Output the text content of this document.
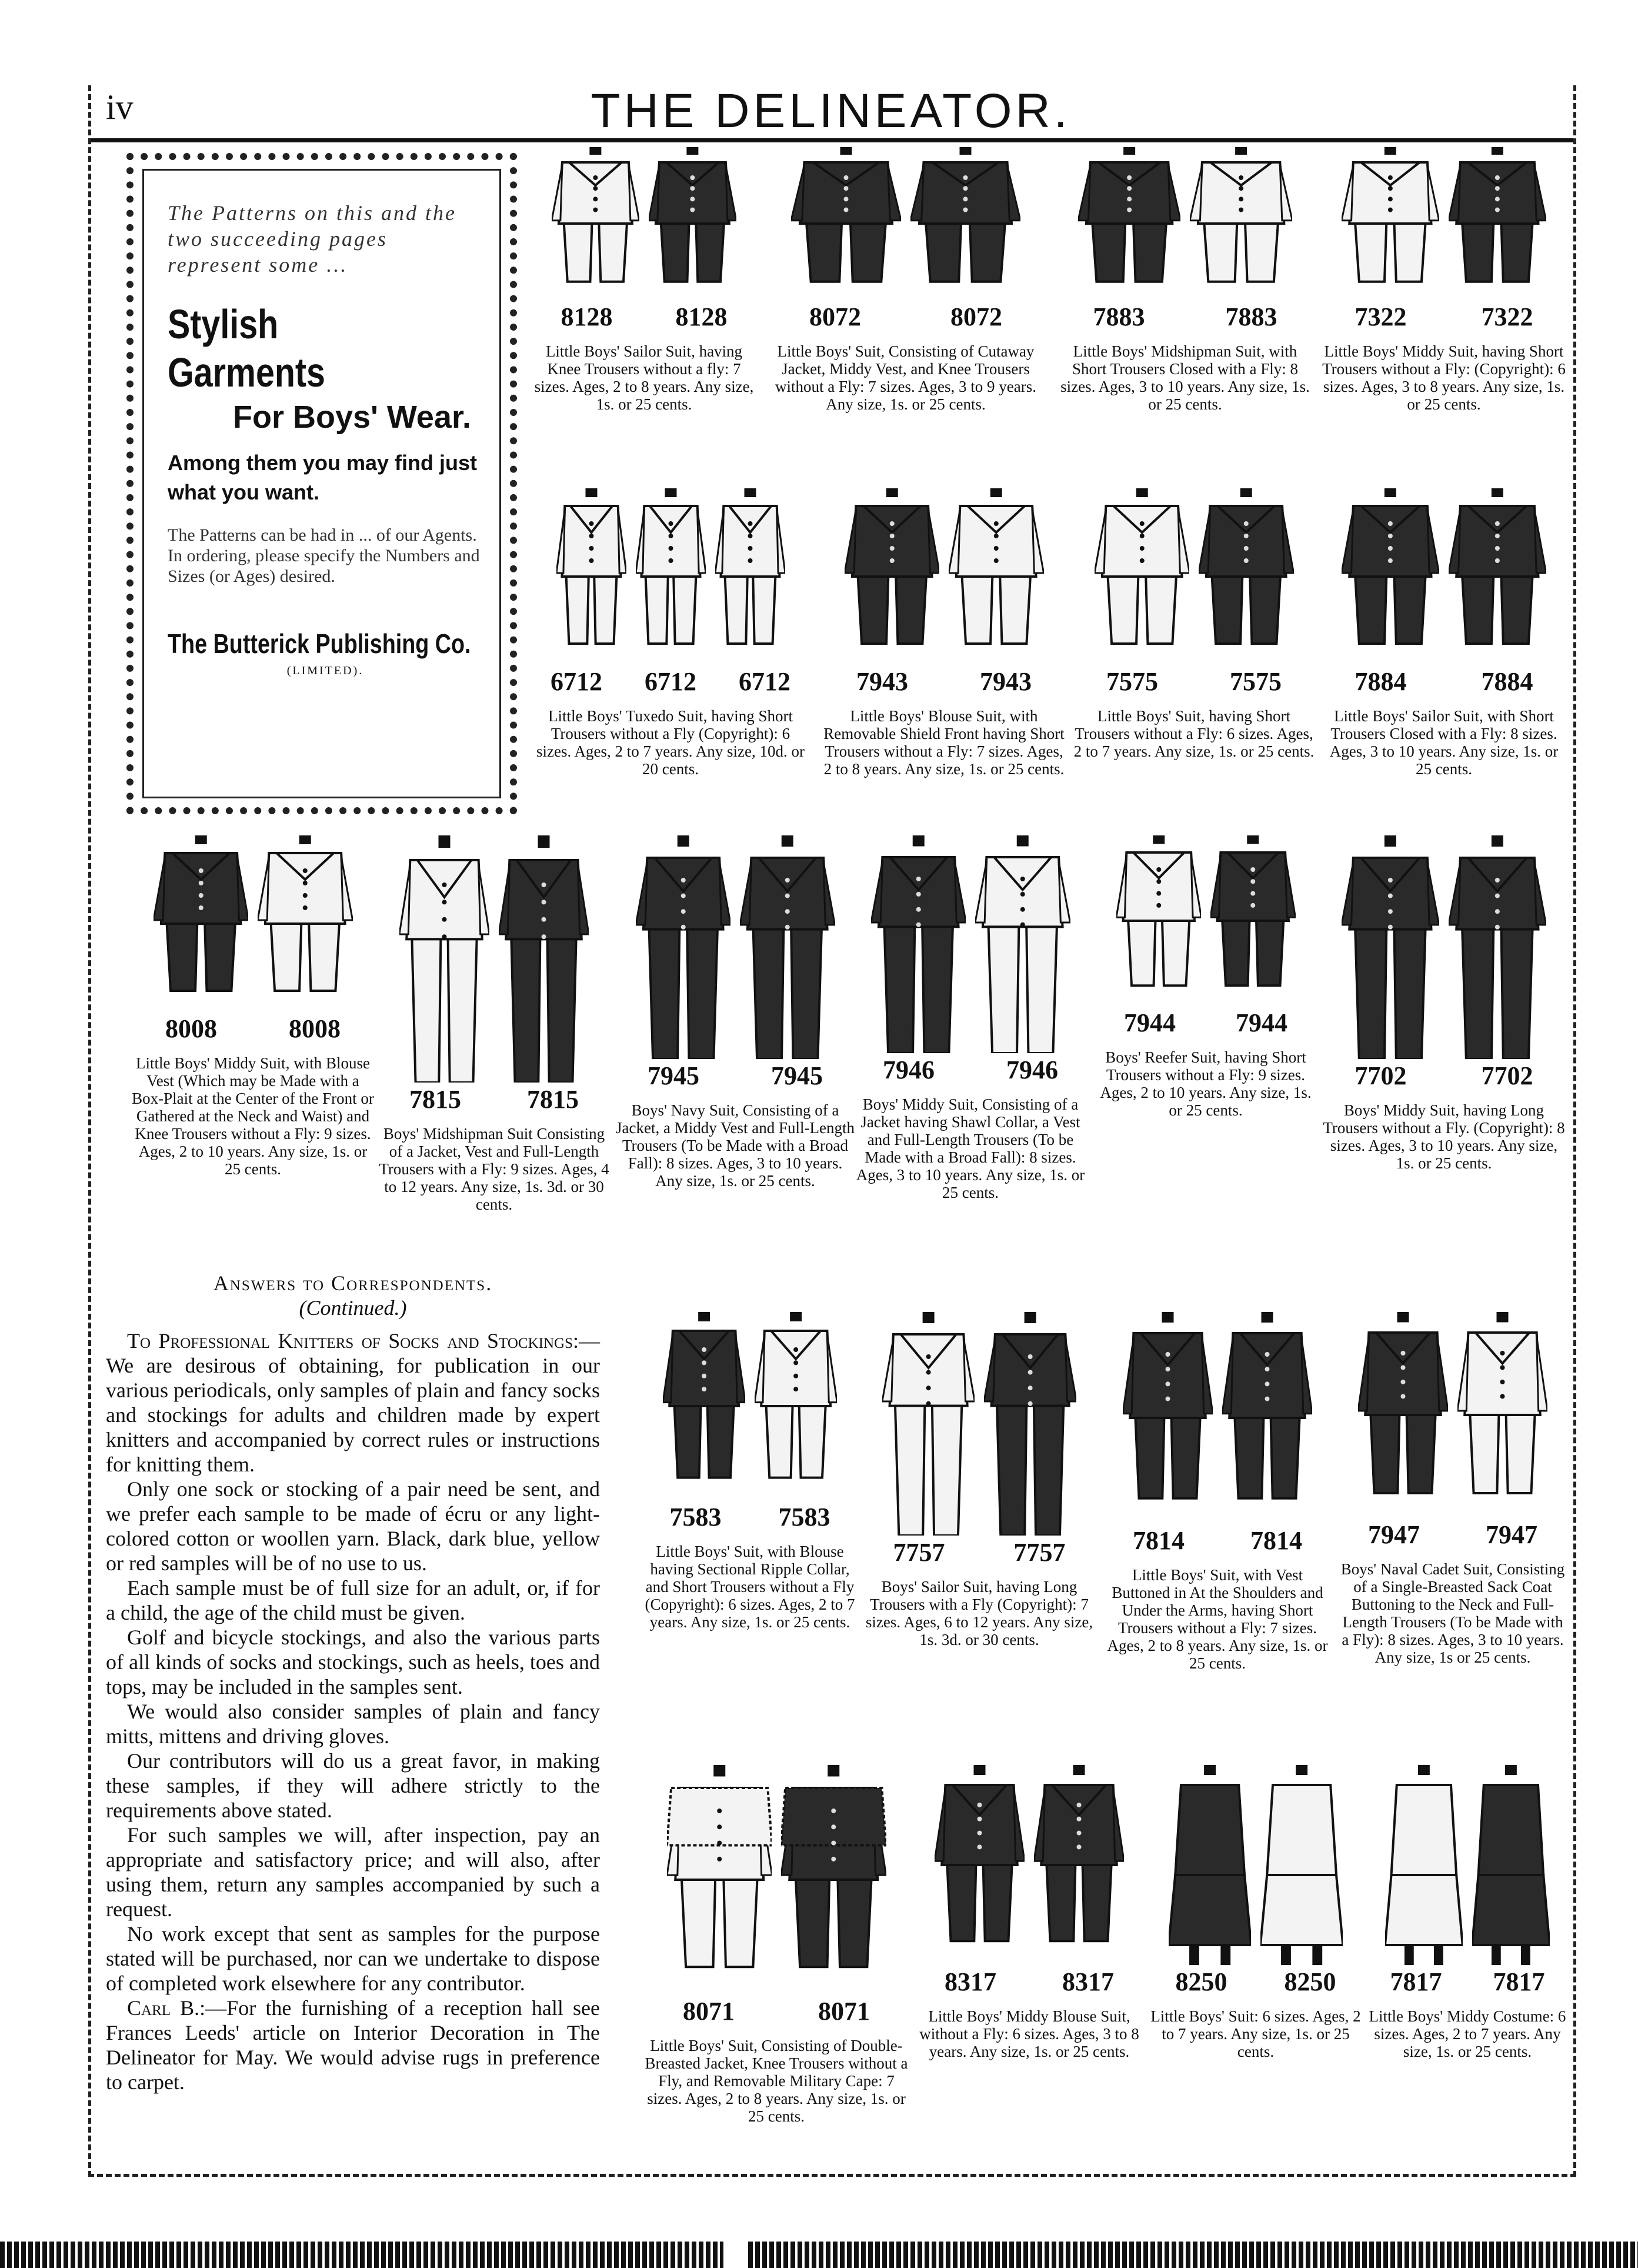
iv	THE DELINEATOR.
The Patterns on this and the two succeeding pages represent some ...
Stylish
Garments
For Boys' Wear.
Among them you may find just what you want.
The Patterns can be had in ... of our Agents. In ordering, please specify the Numbers and Sizes (or Ages) desired.
The Butterick Publishing Co.
(LIMITED).
8128 8128
Little Boys' Sailor Suit, having Knee Trousers without a fly: 7 sizes. Ages, 2 to 8 years. Any size, 1s. or 25 cents.
8072	8072
Little Boys' Suit, Consisting of Cutaway Jacket, Middy Vest, and Knee Trousers without a Fly: 7 sizes. Ages, 3 to 9 years. Any size, 1s. or 25 cents.
7883	7883
Little Boys' Midshipman Suit, with Short Trousers Closed with a Fly: 8 sizes. Ages, 3 to 10 years. Any size, 1s. or 25 cents.
7322	7322
Little Boys' Middy Suit, having Short Trousers without a Fly: (Copyright): 6 sizes. Ages, 3 to 8 years. Any size, 1s. or 25 cents.
6712 6712 6712
Little Boys' Tuxedo Suit, having Short Trousers without a Fly (Copyright): 6 sizes. Ages, 2 to 7 years. Any size, 10d. or 20 cents.
7943	7943
Little Boys' Blouse Suit, with Removable Shield Front having Short Trousers without a Fly: 7 sizes. Ages, 2 to 8 years. Any size, 1s. or 25 cents.
7575	7575
Little Boys' Suit, having Short Trousers without a Fly: 6 sizes. Ages, 2 to 7 years. Any size, 1s. or 25 cents.
7884	7884
Little Boys' Sailor Suit, with Short Trousers Closed with a Fly: 8 sizes. Ages, 3 to 10 years. Any size, 1s. or 25 cents.
8008	8008
Little Boys' Middy Suit, with Blouse Vest (Which may be Made with a Box-Plait at the Center of the Front or Gathered at the Neck and Waist) and Knee Trousers without a Fly: 9 sizes. Ages, 2 to 10 years. Any size, 1s. or 25 cents.
7815	7815
Boys' Midshipman Suit Consisting of a Jacket, Vest and Full-Length Trousers with a Fly: 9 sizes. Ages, 4 to 12 years. Any size, 1s. 3d. or 30 cents.
7945	7945
Boys' Navy Suit, Consisting of a Jacket, a Middy Vest and Full-Length Trousers (To be Made with a Broad Fall): 8 sizes. Ages, 3 to 10 years. Any size, 1s. or 25 cents.
7946	7946
Boys' Middy Suit, Consisting of a Jacket having Shawl Collar, a Vest and Full-Length Trousers (To be Made with a Broad Fall): 8 sizes. Ages, 3 to 10 years. Any size, 1s. or 25 cents.
7944 7944
Boys' Reefer Suit, having Short Trousers without a Fly: 9 sizes. Ages, 2 to 10 years. Any size, 1s. or 25 cents.
7702	7702
Boys' Middy Suit, having Long Trousers without a Fly. (Copyright): 8 sizes. Ages, 3 to 10 years. Any size, 1s. or 25 cents.
7583 7583
Little Boys' Suit, with Blouse having Sectional Ripple Collar, and Short Trousers without a Fly (Copyright): 6 sizes. Ages, 2 to 7 years. Any size, 1s. or 25 cents.
7757	7757
Boys' Sailor Suit, having Long Trousers with a Fly (Copyright): 7 sizes. Ages, 6 to 12 years. Any size, 1s. 3d. or 30 cents.
7814	7814
Little Boys' Suit, with Vest Buttoned in At the Shoulders and Under the Arms, having Short Trousers without a Fly: 7 sizes. Ages, 2 to 8 years. Any size, 1s. or 25 cents.
7947	7947
Boys' Naval Cadet Suit, Consisting of a Single-Breasted Sack Coat Buttoning to the Neck and Full-Length Trousers (To be Made with a Fly): 8 sizes. Ages, 3 to 10 years. Any size, 1s or 25 cents.
8071	8071
Little Boys' Suit, Consisting of Double-Breasted Jacket, Knee Trousers without a Fly, and Removable Military Cape: 7 sizes. Ages, 2 to 8 years. Any size, 1s. or 25 cents.
8317	8317
Little Boys' Middy Blouse Suit, without a Fly: 6 sizes. Ages, 3 to 8 years. Any size, 1s. or 25 cents.
8250 8250
Little Boys' Suit: 6 sizes. Ages, 2 to 7 years. Any size, 1s. or 25 cents.
7817 7817
Little Boys' Middy Costume: 6 sizes. Ages, 2 to 7 years. Any size, 1s. or 25 cents.
Answers to Correspondents.
(Continued.)

To Professional Knitters of Socks and Stockings:—We are desirous of obtaining, for publication in our various periodicals, only samples of plain and fancy socks and stockings for adults and children made by expert knitters and accompanied by correct rules or instructions for knitting them.

Only one sock or stocking of a pair need be sent, and we prefer each sample to be made of écru or any light-colored cotton or woollen yarn. Black, dark blue, yellow or red samples will be of no use to us.

Each sample must be of full size for an adult, or, if for a child, the age of the child must be given.

Golf and bicycle stockings, and also the various parts of all kinds of socks and stockings, such as heels, toes and tops, may be included in the samples sent.

We would also consider samples of plain and fancy mitts, mittens and driving gloves.

Our contributors will do us a great favor, in making these samples, if they will adhere strictly to the requirements above stated.

For such samples we will, after inspection, pay an appropriate and satisfactory price; and will also, after using them, return any samples accompanied by such a request.

No work except that sent as samples for the purpose stated will be purchased, nor can we undertake to dispose of completed work elsewhere for any contributor.

Carl B.:—For the furnishing of a reception hall see Frances Leeds' article on Interior Decoration in The Delineator for May. We would advise rugs in preference to carpet.
